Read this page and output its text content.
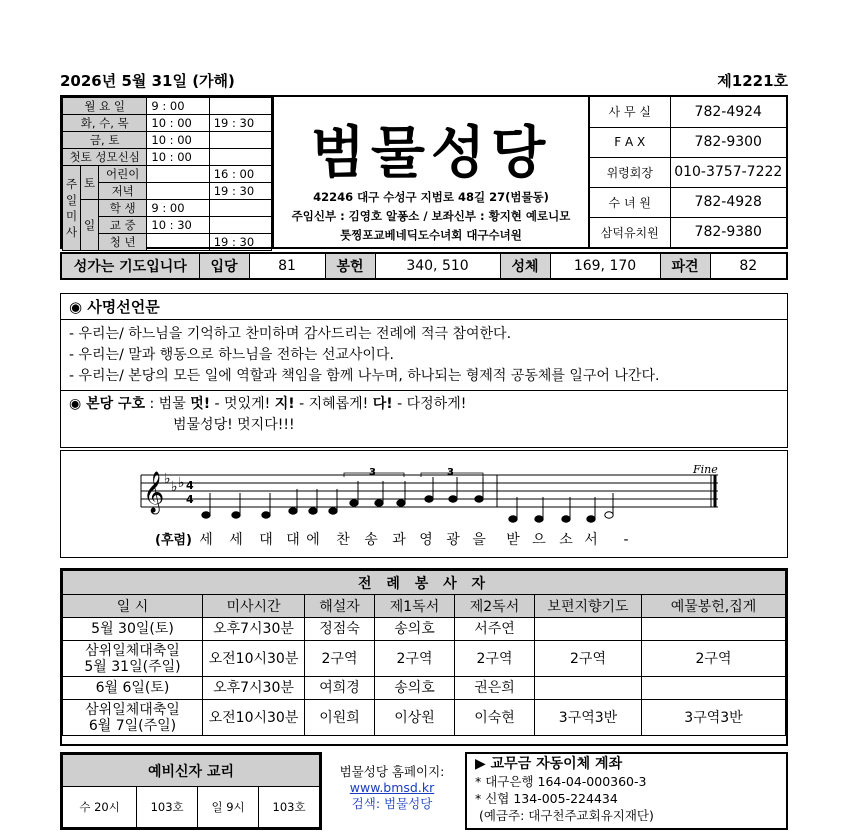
2026년 5월 31일 (가해)	제1221호
월 요 일			9 : 00	
화, 수, 목			10 : 00	19 : 30
금, 토			10 : 00	
첫토 성모신심			10 : 00	

주
일
미
사	토	어린이		16 : 00
		저녁		19 : 30
	일	학 생	9 : 00	
		교 중	10 : 30	
		청 년		19 : 30
범물성당
42246 대구 수성구 지범로 48길 27(범물동)
주임신부 : 김영호 알퐁소 / 보좌신부 : 황지현 예로니모
툿찡포교베네딕도수녀회 대구수녀원
사 무 실	782-4924
F A X	782-9300
위령회장	010-3757-7222
수 녀 원	782-4928
삼덕유치원	782-9380
성가는 기도입니다	입당	81	봉헌	340, 510	성체	169, 170	파견	82
◉ 사명선언문
- 우리는/ 하느님을 기억하고 찬미하며 감사드리는 전례에 적극 참여한다.
- 우리는/ 말과 행동으로 하느님을 전하는 선교사이다.
- 우리는/ 본당의 모든 일에 역할과 책임을 함께 나누며, 하나되는 형제적 공동체를 일구어 나간다.
◉ 본당 구호 : 범물 멋! - 멋있게! 지! - 지혜롭게! 다! - 다정하게!
범물성당! 멋지다!!!
𝄞 ♭ ♭ ♭ 4
4
Fine
3	3
(후렴) 세 세 대 대 에 찬 송 과 영 광 을 받 으 소 서 -
전 례 봉 사 자						
일 시	미사시간	해설자	제1독서	제2독서	보편지향기도	예물봉헌,집게
5월 30일(토)	오후7시30분	정점숙	송의호	서주연		
삼위일체대축일
5월 31일(주일)	오전10시30분	2구역	2구역	2구역	2구역	2구역
6월 6일(토)	오후7시30분	여희경	송의호	권은희		
삼위일체대축일
6월 7일(주일)	오전10시30분	이원희	이상원	이숙현	3구역3반	3구역3반
예비신자 교리
수 20시	103호	일 9시	103호
범물성당 홈페이지:
www.bmsd.kr
검색: 범물성당
▶ 교무금 자동이체 계좌
* 대구은행 164-04-000360-3
* 신협 134-005-224434
(예금주: 대구천주교회유지재단)
